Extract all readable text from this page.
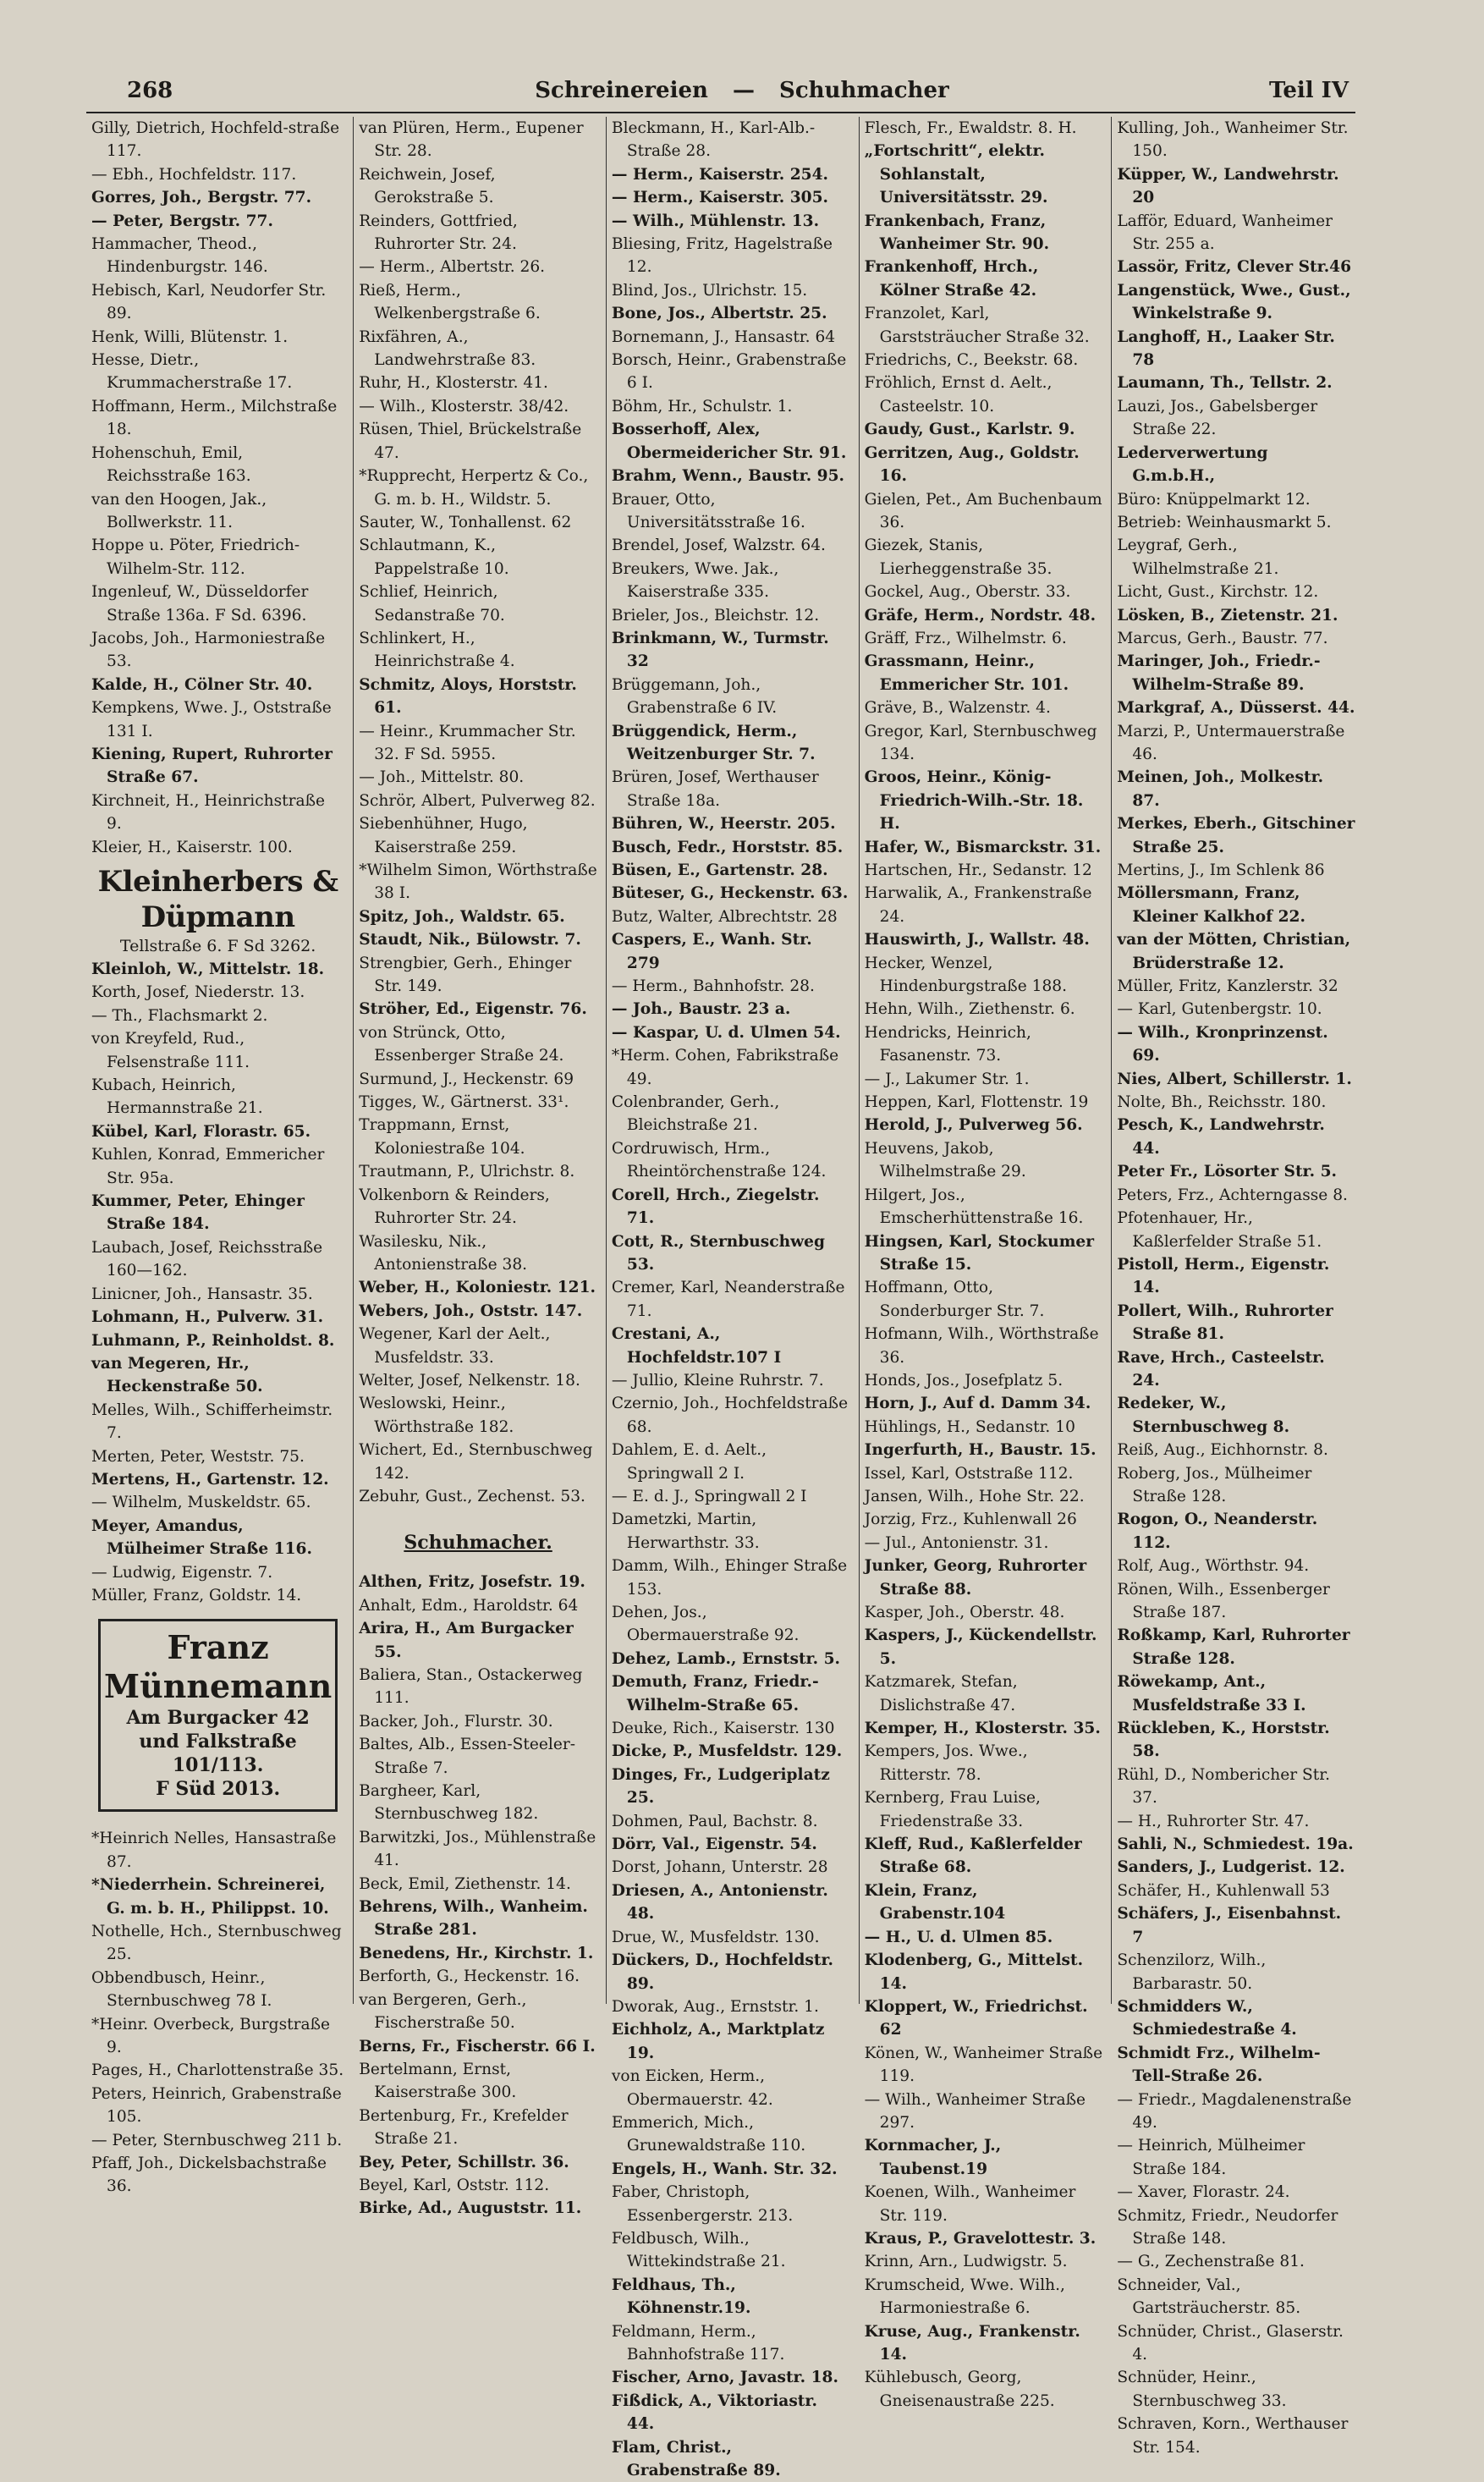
268	Schreinereien — Schuhmacher	Teil IV

Gilly, Dietrich, Hochfeld-straße 117.

— Ebh., Hochfeldstr. 117.

Gorres, Joh., Bergstr. 77.

— Peter, Bergstr. 77.

Hammacher, Theod., Hindenburgstr. 146.

Hebisch, Karl, Neudorfer Str. 89.

Henk, Willi, Blütenstr. 1.

Hesse, Dietr., Krummacherstraße 17.

Hoffmann, Herm., Milchstraße 18.

Hohenschuh, Emil, Reichsstraße 163.

van den Hoogen, Jak., Bollwerkstr. 11.

Hoppe u. Pöter, Friedrich-Wilhelm-Str. 112.

Ingenleuf, W., Düsseldorfer Straße 136a. F Sd. 6396.

Jacobs, Joh., Harmoniestraße 53.

Kalde, H., Cölner Str. 40.

Kempkens, Wwe. J., Oststraße 131 I.

Kiening, Rupert, Ruhrorter Straße 67.

Kirchneit, H., Heinrichstraße 9.

Kleier, H., Kaiserstr. 100.

Kleinherbers & Düpmann
Tellstraße 6. F Sd 3262.

Kleinloh, W., Mittelstr. 18.

Korth, Josef, Niederstr. 13.

— Th., Flachsmarkt 2.

von Kreyfeld, Rud., Felsenstraße 111.

Kubach, Heinrich, Hermannstraße 21.

Kübel, Karl, Florastr. 65.

Kuhlen, Konrad, Emmericher Str. 95a.

Kummer, Peter, Ehinger Straße 184.

Laubach, Josef, Reichsstraße 160—162.

Linicner, Joh., Hansastr. 35.

Lohmann, H., Pulverw. 31.

Luhmann, P., Reinholdst. 8.

van Megeren, Hr., Heckenstraße 50.

Melles, Wilh., Schifferheimstr. 7.

Merten, Peter, Weststr. 75.

Mertens, H., Gartenstr. 12.

— Wilhelm, Muskeldstr. 65.

Meyer, Amandus, Mülheimer Straße 116.

— Ludwig, Eigenstr. 7.

Müller, Franz, Goldstr. 14.

Franz Münnemann
Am Burgacker 42
und Falkstraße 101/113.
F Süd 2013.

*Heinrich Nelles, Hansastraße 87.

*Niederrhein. Schreinerei, G. m. b. H., Philippst. 10.

Nothelle, Hch., Sternbuschweg 25.

Obbendbusch, Heinr., Sternbuschweg 78 I.

*Heinr. Overbeck, Burgstraße 9.

Pages, H., Charlottenstraße 35.

Peters, Heinrich, Grabenstraße 105.

— Peter, Sternbuschweg 211 b.

Pfaff, Joh., Dickelsbachstraße 36.

van Plüren, Herm., Eupener Str. 28.

Reichwein, Josef, Gerokstraße 5.

Reinders, Gottfried, Ruhrorter Str. 24.

— Herm., Albertstr. 26.

Rieß, Herm., Welkenbergstraße 6.

Rixfähren, A., Landwehrstraße 83.

Ruhr, H., Klosterstr. 41.

— Wilh., Klosterstr. 38/42.

Rüsen, Thiel, Brückelstraße 47.

*Rupprecht, Herpertz & Co., G. m. b. H., Wildstr. 5.

Sauter, W., Tonhallenst. 62

Schlautmann, K., Pappelstraße 10.

Schlief, Heinrich, Sedanstraße 70.

Schlinkert, H., Heinrichstraße 4.

Schmitz, Aloys, Horststr. 61.

— Heinr., Krummacher Str. 32. F Sd. 5955.

— Joh., Mittelstr. 80.

Schrör, Albert, Pulverweg 82.

Siebenhühner, Hugo, Kaiserstraße 259.

*Wilhelm Simon, Wörthstraße 38 I.

Spitz, Joh., Waldstr. 65.

Staudt, Nik., Bülowstr. 7.

Strengbier, Gerh., Ehinger Str. 149.

Ströher, Ed., Eigenstr. 76.

von Strünck, Otto, Essenberger Straße 24.

Surmund, J., Heckenstr. 69

Tigges, W., Gärtnerst. 33¹.

Trappmann, Ernst, Koloniestraße 104.

Trautmann, P., Ulrichstr. 8.

Volkenborn & Reinders, Ruhrorter Str. 24.

Wasilesku, Nik., Antonienstraße 38.

Weber, H., Koloniestr. 121.

Webers, Joh., Oststr. 147.

Wegener, Karl der Aelt., Musfeldstr. 33.

Welter, Josef, Nelkenstr. 18.

Weslowski, Heinr., Wörthstraße 182.

Wichert, Ed., Sternbuschweg 142.

Zebuhr, Gust., Zechenst. 53.

Schuhmacher.

Althen, Fritz, Josefstr. 19.

Anhalt, Edm., Haroldstr. 64

Arira, H., Am Burgacker 55.

Baliera, Stan., Ostackerweg 111.

Backer, Joh., Flurstr. 30.

Baltes, Alb., Essen-Steeler-Straße 7.

Bargheer, Karl, Sternbuschweg 182.

Barwitzki, Jos., Mühlenstraße 41.

Beck, Emil, Ziethenstr. 14.

Behrens, Wilh., Wanheim. Straße 281.

Benedens, Hr., Kirchstr. 1.

Berforth, G., Heckenstr. 16.

van Bergeren, Gerh., Fischerstraße 50.

Berns, Fr., Fischerstr. 66 I.

Bertelmann, Ernst, Kaiserstraße 300.

Bertenburg, Fr., Krefelder Straße 21.

Bey, Peter, Schillstr. 36.

Beyel, Karl, Oststr. 112.

Birke, Ad., Auguststr. 11.

Bleckmann, H., Karl-Alb.-Straße 28.

— Herm., Kaiserstr. 254.

— Herm., Kaiserstr. 305.

— Wilh., Mühlenstr. 13.

Bliesing, Fritz, Hagelstraße 12.

Blind, Jos., Ulrichstr. 15.

Bone, Jos., Albertstr. 25.

Bornemann, J., Hansastr. 64

Borsch, Heinr., Grabenstraße 6 I.

Böhm, Hr., Schulstr. 1.

Bosserhoff, Alex, Obermeidericher Str. 91.

Brahm, Wenn., Baustr. 95.

Brauer, Otto, Universitätsstraße 16.

Brendel, Josef, Walzstr. 64.

Breukers, Wwe. Jak., Kaiserstraße 335.

Brieler, Jos., Bleichstr. 12.

Brinkmann, W., Turmstr. 32

Brüggemann, Joh., Grabenstraße 6 IV.

Brüggendick, Herm., Weitzenburger Str. 7.

Brüren, Josef, Werthauser Straße 18a.

Bühren, W., Heerstr. 205.

Busch, Fedr., Horststr. 85.

Büsen, E., Gartenstr. 28.

Büteser, G., Heckenstr. 63.

Butz, Walter, Albrechtstr. 28

Caspers, E., Wanh. Str. 279

— Herm., Bahnhofstr. 28.

— Joh., Baustr. 23 a.

— Kaspar, U. d. Ulmen 54.

*Herm. Cohen, Fabrikstraße 49.

Colenbrander, Gerh., Bleichstraße 21.

Cordruwisch, Hrm., Rheintörchenstraße 124.

Corell, Hrch., Ziegelstr. 71.

Cott, R., Sternbuschweg 53.

Cremer, Karl, Neanderstraße 71.

Crestani, A., Hochfeldstr.107 I

— Jullio, Kleine Ruhrstr. 7.

Czernio, Joh., Hochfeldstraße 68.

Dahlem, E. d. Aelt., Springwall 2 I.

— E. d. J., Springwall 2 I

Dametzki, Martin, Herwarthstr. 33.

Damm, Wilh., Ehinger Straße 153.

Dehen, Jos., Obermauerstraße 92.

Dehez, Lamb., Ernststr. 5.

Demuth, Franz, Friedr.-Wilhelm-Straße 65.

Deuke, Rich., Kaiserstr. 130

Dicke, P., Musfeldstr. 129.

Dinges, Fr., Ludgeriplatz 25.

Dohmen, Paul, Bachstr. 8.

Dörr, Val., Eigenstr. 54.

Dorst, Johann, Unterstr. 28

Driesen, A., Antonienstr. 48.

Drue, W., Musfeldstr. 130.

Dückers, D., Hochfeldstr. 89.

Dworak, Aug., Ernststr. 1.

Eichholz, A., Marktplatz 19.

von Eicken, Herm., Obermauerstr. 42.

Emmerich, Mich., Grunewaldstraße 110.

Engels, H., Wanh. Str. 32.

Faber, Christoph, Essenbergerstr. 213.

Feldbusch, Wilh., Wittekindstraße 21.

Feldhaus, Th., Köhnenstr.19.

Feldmann, Herm., Bahnhofstraße 117.

Fischer, Arno, Javastr. 18.

Fißdick, A., Viktoriastr. 44.

Flam, Christ., Grabenstraße 89.

Flesch, Fr., Ewaldstr. 8. H.

„Fortschritt“, elektr. Sohlanstalt, Universitätsstr. 29.

Frankenbach, Franz, Wanheimer Str. 90.

Frankenhoff, Hrch., Kölner Straße 42.

Franzolet, Karl, Garststräucher Straße 32.

Friedrichs, C., Beekstr. 68.

Fröhlich, Ernst d. Aelt., Casteelstr. 10.

Gaudy, Gust., Karlstr. 9.

Gerritzen, Aug., Goldstr. 16.

Gielen, Pet., Am Buchenbaum 36.

Giezek, Stanis, Lierheggenstraße 35.

Gockel, Aug., Oberstr. 33.

Gräfe, Herm., Nordstr. 48.

Gräff, Frz., Wilhelmstr. 6.

Grassmann, Heinr., Emmericher Str. 101.

Gräve, B., Walzenstr. 4.

Gregor, Karl, Sternbuschweg 134.

Groos, Heinr., König-Friedrich-Wilh.-Str. 18. H.

Hafer, W., Bismarckstr. 31.

Hartschen, Hr., Sedanstr. 12

Harwalik, A., Frankenstraße 24.

Hauswirth, J., Wallstr. 48.

Hecker, Wenzel, Hindenburgstraße 188.

Hehn, Wilh., Ziethenstr. 6.

Hendricks, Heinrich, Fasanenstr. 73.

— J., Lakumer Str. 1.

Heppen, Karl, Flottenstr. 19

Herold, J., Pulverweg 56.

Heuvens, Jakob, Wilhelmstraße 29.

Hilgert, Jos., Emscherhüttenstraße 16.

Hingsen, Karl, Stockumer Straße 15.

Hoffmann, Otto, Sonderburger Str. 7.

Hofmann, Wilh., Wörthstraße 36.

Honds, Jos., Josefplatz 5.

Horn, J., Auf d. Damm 34.

Hühlings, H., Sedanstr. 10

Ingerfurth, H., Baustr. 15.

Issel, Karl, Oststraße 112.

Jansen, Wilh., Hohe Str. 22.

Jorzig, Frz., Kuhlenwall 26

— Jul., Antonienstr. 31.

Junker, Georg, Ruhrorter Straße 88.

Kasper, Joh., Oberstr. 48.

Kaspers, J., Kückendellstr. 5.

Katzmarek, Stefan, Dislichstraße 47.

Kemper, H., Klosterstr. 35.

Kempers, Jos. Wwe., Ritterstr. 78.

Kernberg, Frau Luise, Friedenstraße 33.

Kleff, Rud., Kaßlerfelder Straße 68.

Klein, Franz, Grabenstr.104

— H., U. d. Ulmen 85.

Klodenberg, G., Mittelst. 14.

Kloppert, W., Friedrichst. 62

Könen, W., Wanheimer Straße 119.

— Wilh., Wanheimer Straße 297.

Kornmacher, J., Taubenst.19

Koenen, Wilh., Wanheimer Str. 119.

Kraus, P., Gravelottestr. 3.

Krinn, Arn., Ludwigstr. 5.

Krumscheid, Wwe. Wilh., Harmoniestraße 6.

Kruse, Aug., Frankenstr. 14.

Kühlebusch, Georg, Gneisenaustraße 225.

Kulling, Joh., Wanheimer Str. 150.

Küpper, W., Landwehrstr. 20

Lafför, Eduard, Wanheimer Str. 255 a.

Lassör, Fritz, Clever Str.46

Langenstück, Wwe., Gust., Winkelstraße 9.

Langhoff, H., Laaker Str. 78

Laumann, Th., Tellstr. 2.

Lauzi, Jos., Gabelsberger Straße 22.

Lederverwertung G.m.b.H.,

Büro: Knüppelmarkt 12.

Betrieb: Weinhausmarkt 5.

Leygraf, Gerh., Wilhelmstraße 21.

Licht, Gust., Kirchstr. 12.

Lösken, B., Zietenstr. 21.

Marcus, Gerh., Baustr. 77.

Maringer, Joh., Friedr.-Wilhelm-Straße 89.

Markgraf, A., Düsserst. 44.

Marzi, P., Untermauerstraße 46.

Meinen, Joh., Molkestr. 87.

Merkes, Eberh., Gitschiner Straße 25.

Mertins, J., Im Schlenk 86

Möllersmann, Franz, Kleiner Kalkhof 22.

van der Mötten, Christian, Brüderstraße 12.

Müller, Fritz, Kanzlerstr. 32

— Karl, Gutenbergstr. 10.

— Wilh., Kronprinzenst. 69.

Nies, Albert, Schillerstr. 1.

Nolte, Bh., Reichsstr. 180.

Pesch, K., Landwehrstr. 44.

Peter Fr., Lösorter Str. 5.

Peters, Frz., Achterngasse 8.

Pfotenhauer, Hr., Kaßlerfelder Straße 51.

Pistoll, Herm., Eigenstr. 14.

Pollert, Wilh., Ruhrorter Straße 81.

Rave, Hrch., Casteelstr. 24.

Redeker, W., Sternbuschweg 8.

Reiß, Aug., Eichhornstr. 8.

Roberg, Jos., Mülheimer Straße 128.

Rogon, O., Neanderstr. 112.

Rolf, Aug., Wörthstr. 94.

Rönen, Wilh., Essenberger Straße 187.

Roßkamp, Karl, Ruhrorter Straße 128.

Röwekamp, Ant., Musfeldstraße 33 I.

Rückleben, K., Horststr. 58.

Rühl, D., Nombericher Str. 37.

— H., Ruhrorter Str. 47.

Sahli, N., Schmiedest. 19a.

Sanders, J., Ludgerist. 12.

Schäfer, H., Kuhlenwall 53

Schäfers, J., Eisenbahnst. 7

Schenzilorz, Wilh., Barbarastr. 50.

Schmidders W., Schmiedestraße 4.

Schmidt Frz., Wilhelm-Tell-Straße 26.

— Friedr., Magdalenenstraße 49.

— Heinrich, Mülheimer Straße 184.

— Xaver, Florastr. 24.

Schmitz, Friedr., Neudorfer Straße 148.

— G., Zechenstraße 81.

Schneider, Val., Gartsträucherstr. 85.

Schnüder, Christ., Glaserstr. 4.

Schnüder, Heinr., Sternbuschweg 33.

Schraven, Korn., Werthauser Str. 154.
